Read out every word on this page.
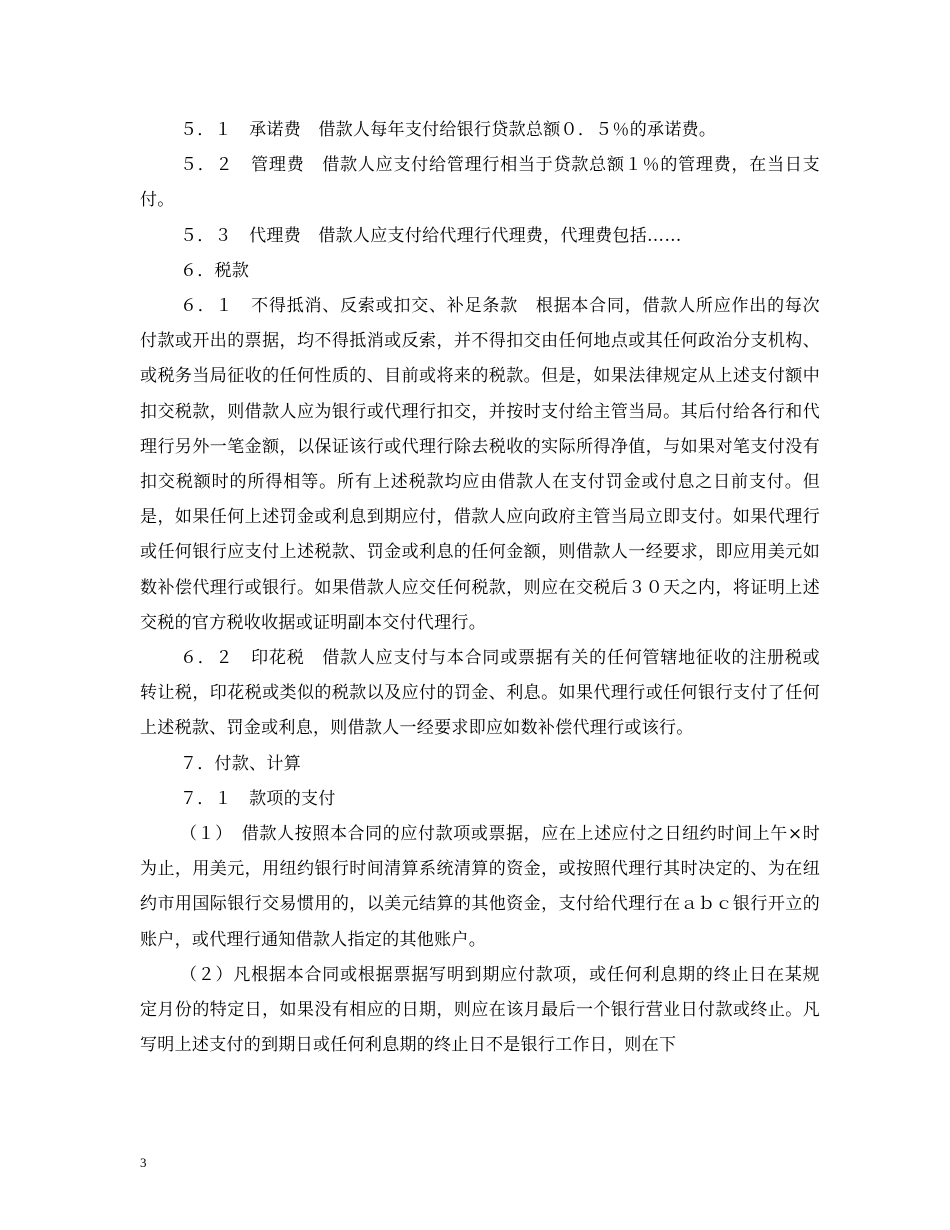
５．１　承诺费　借款人每年支付给银行贷款总额０．５％的承诺费。

５．２　管理费　借款人应支付给管理行相当于贷款总额１％的管理费，在当日支付。

５．３　代理费　借款人应支付给代理行代理费，代理费包括……

６．税款

６．１　不得抵消、反索或扣交、补足条款　根据本合同，借款人所应作出的每次付款或开出的票据，均不得抵消或反索，并不得扣交由任何地点或其任何政治分支机构、或税务当局征收的任何性质的、目前或将来的税款。但是，如果法律规定从上述支付额中扣交税款，则借款人应为银行或代理行扣交，并按时支付给主管当局。其后付给各行和代理行另外一笔金额，以保证该行或代理行除去税收的实际所得净值，与如果对笔支付没有扣交税额时的所得相等。所有上述税款均应由借款人在支付罚金或付息之日前支付。但是，如果任何上述罚金或利息到期应付，借款人应向政府主管当局立即支付。如果代理行或任何银行应支付上述税款、罚金或利息的任何金额，则借款人一经要求，即应用美元如数补偿代理行或银行。如果借款人应交任何税款，则应在交税后３０天之内，将证明上述交税的官方税收收据或证明副本交付代理行。

６．２　印花税　借款人应支付与本合同或票据有关的任何管辖地征收的注册税或转让税，印花税或类似的税款以及应付的罚金、利息。如果代理行或任何银行支付了任何上述税款、罚金或利息，则借款人一经要求即应如数补偿代理行或该行。

７．付款、计算

７．１　款项的支付

（１）　借款人按照本合同的应付款项或票据，应在上述应付之日纽约时间上午×时为止，用美元，用纽约银行时间清算系统清算的资金，或按照代理行其时决定的、为在纽约市用国际银行交易惯用的，以美元结算的其他资金，支付给代理行在ａｂｃ银行开立的账户，或代理行通知借款人指定的其他账户。

（２）凡根据本合同或根据票据写明到期应付款项，或任何利息期的终止日在某规定月份的特定日，如果没有相应的日期，则应在该月最后一个银行营业日付款或终止。凡写明上述支付的到期日或任何利息期的终止日不是银行工作日，则在下

3
